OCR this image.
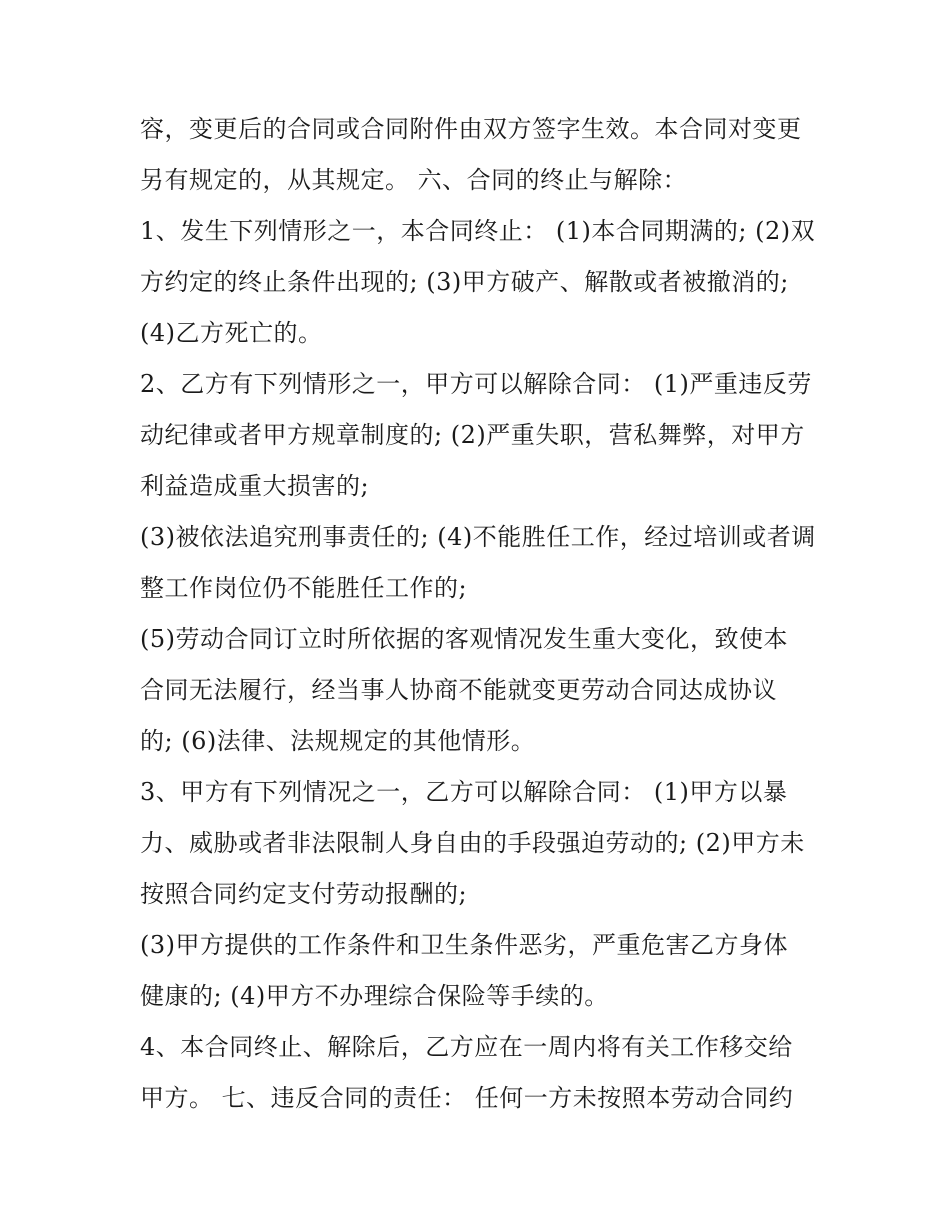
容，变更后的合同或合同附件由双方签字生效。本合同对变更
另有规定的，从其规定。 六、合同的终止与解除：
1、发生下列情形之一，本合同终止： (1)本合同期满的; (2)双
方约定的终止条件出现的; (3)甲方破产、解散或者被撤消的;
(4)乙方死亡的。
2、乙方有下列情形之一，甲方可以解除合同： (1)严重违反劳
动纪律或者甲方规章制度的; (2)严重失职，营私舞弊，对甲方
利益造成重大损害的;
(3)被依法追究刑事责任的; (4)不能胜任工作，经过培训或者调
整工作岗位仍不能胜任工作的;
(5)劳动合同订立时所依据的客观情况发生重大变化，致使本
合同无法履行，经当事人协商不能就变更劳动合同达成协议
的; (6)法律、法规规定的其他情形。
3、甲方有下列情况之一，乙方可以解除合同： (1)甲方以暴
力、威胁或者非法限制人身自由的手段强迫劳动的; (2)甲方未
按照合同约定支付劳动报酬的;
(3)甲方提供的工作条件和卫生条件恶劣，严重危害乙方身体
健康的; (4)甲方不办理综合保险等手续的。
4、本合同终止、解除后，乙方应在一周内将有关工作移交给
甲方。 七、违反合同的责任： 任何一方未按照本劳动合同约
